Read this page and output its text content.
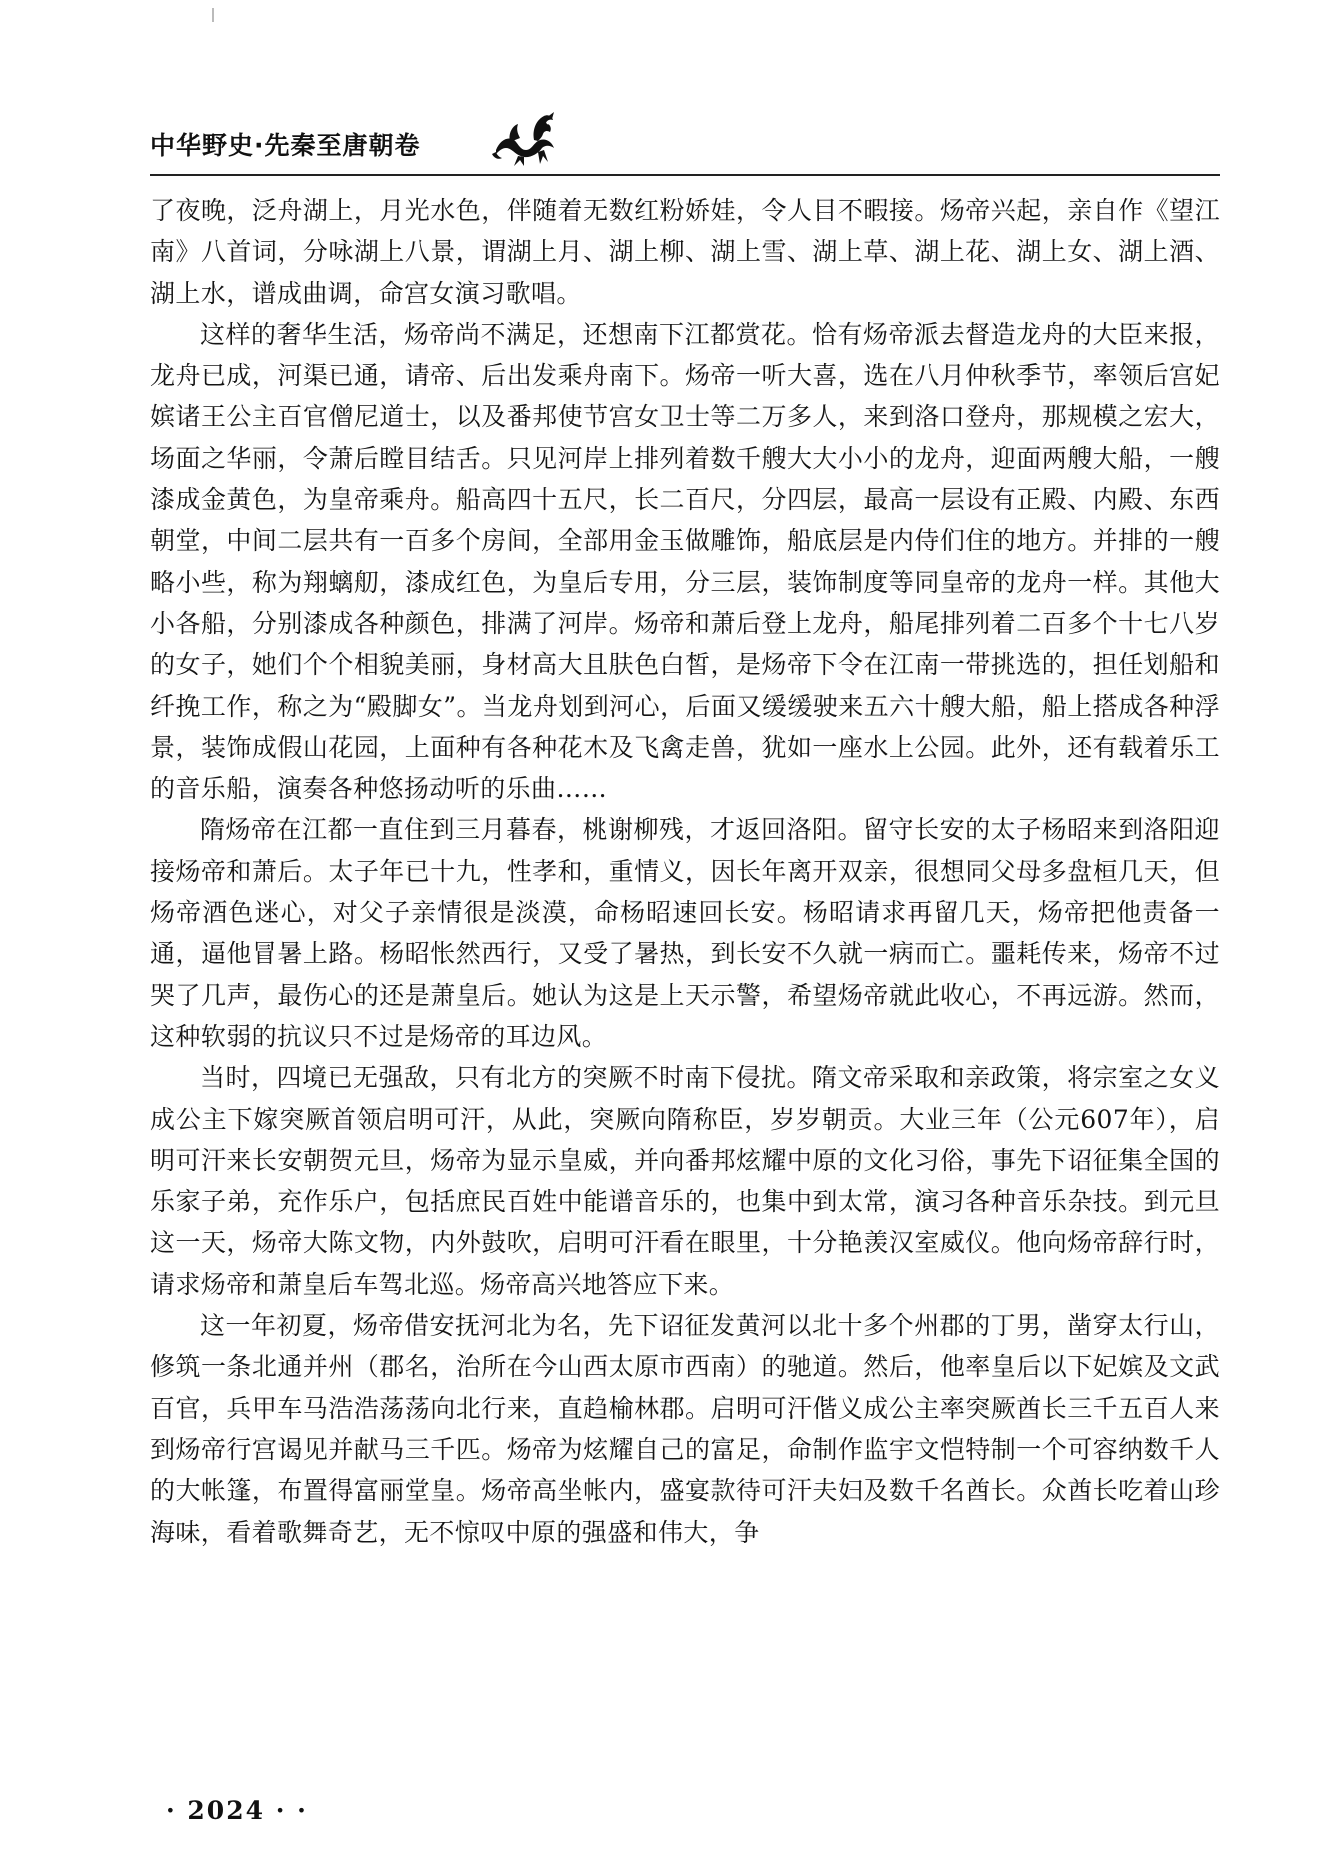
中华野史·先秦至唐朝卷

了夜晚，泛舟湖上，月光水色，伴随着无数红粉娇娃，令人目不暇接。炀帝兴起，亲自作《望江南》八首词，分咏湖上八景，谓湖上月、湖上柳、湖上雪、湖上草、湖上花、湖上女、湖上酒、湖上水，谱成曲调，命宫女演习歌唱。

这样的奢华生活，炀帝尚不满足，还想南下江都赏花。恰有炀帝派去督造龙舟的大臣来报，龙舟已成，河渠已通，请帝、后出发乘舟南下。炀帝一听大喜，选在八月仲秋季节，率领后宫妃嫔诸王公主百官僧尼道士，以及番邦使节宫女卫士等二万多人，来到洛口登舟，那规模之宏大，场面之华丽，令萧后瞠目结舌。只见河岸上排列着数千艘大大小小的龙舟，迎面两艘大船，一艘漆成金黄色，为皇帝乘舟。船高四十五尺，长二百尺，分四层，最高一层设有正殿、内殿、东西朝堂，中间二层共有一百多个房间，全部用金玉做雕饰，船底层是内侍们住的地方。并排的一艘略小些，称为翔螭舠，漆成红色，为皇后专用，分三层，装饰制度等同皇帝的龙舟一样。其他大小各船，分别漆成各种颜色，排满了河岸。炀帝和萧后登上龙舟，船尾排列着二百多个十七八岁的女子，她们个个相貌美丽，身材高大且肤色白皙，是炀帝下令在江南一带挑选的，担任划船和纤挽工作，称之为“殿脚女”。当龙舟划到河心，后面又缓缓驶来五六十艘大船，船上搭成各种浮景，装饰成假山花园，上面种有各种花木及飞禽走兽，犹如一座水上公园。此外，还有载着乐工的音乐船，演奏各种悠扬动听的乐曲……

隋炀帝在江都一直住到三月暮春，桃谢柳残，才返回洛阳。留守长安的太子杨昭来到洛阳迎接炀帝和萧后。太子年已十九，性孝和，重情义，因长年离开双亲，很想同父母多盘桓几天，但炀帝酒色迷心，对父子亲情很是淡漠，命杨昭速回长安。杨昭请求再留几天，炀帝把他责备一通，逼他冒暑上路。杨昭怅然西行，又受了暑热，到长安不久就一病而亡。噩耗传来，炀帝不过哭了几声，最伤心的还是萧皇后。她认为这是上天示警，希望炀帝就此收心，不再远游。然而，这种软弱的抗议只不过是炀帝的耳边风。

当时，四境已无强敌，只有北方的突厥不时南下侵扰。隋文帝采取和亲政策，将宗室之女义成公主下嫁突厥首领启明可汗，从此，突厥向隋称臣，岁岁朝贡。大业三年（公元607年），启明可汗来长安朝贺元旦，炀帝为显示皇威，并向番邦炫耀中原的文化习俗，事先下诏征集全国的乐家子弟，充作乐户，包括庶民百姓中能谱音乐的，也集中到太常，演习各种音乐杂技。到元旦这一天，炀帝大陈文物，内外鼓吹，启明可汗看在眼里，十分艳羡汉室威仪。他向炀帝辞行时，请求炀帝和萧皇后车驾北巡。炀帝高兴地答应下来。

这一年初夏，炀帝借安抚河北为名，先下诏征发黄河以北十多个州郡的丁男，凿穿太行山，修筑一条北通并州（郡名，治所在今山西太原市西南）的驰道。然后，他率皇后以下妃嫔及文武百官，兵甲车马浩浩荡荡向北行来，直趋榆林郡。启明可汗偕义成公主率突厥酋长三千五百人来到炀帝行宫谒见并献马三千匹。炀帝为炫耀自己的富足，命制作监宇文恺特制一个可容纳数千人的大帐篷，布置得富丽堂皇。炀帝高坐帐内，盛宴款待可汗夫妇及数千名酋长。众酋长吃着山珍海味，看着歌舞奇艺，无不惊叹中原的强盛和伟大，争

· 2024 · ·
